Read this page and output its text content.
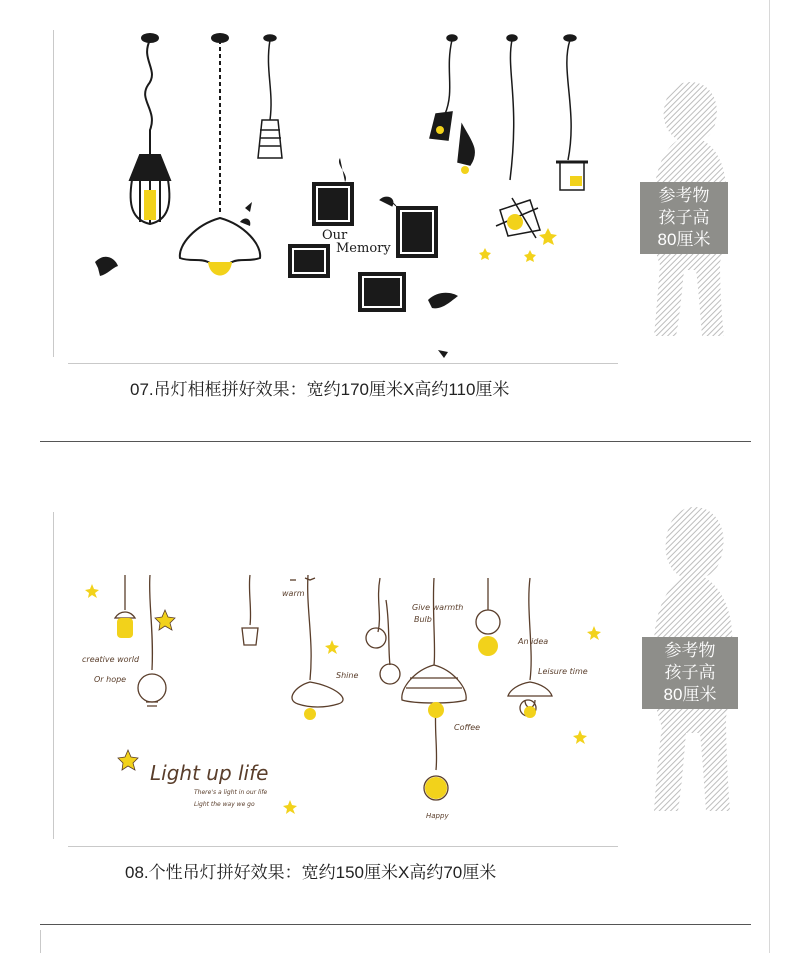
Our
Memory
07.吊灯相框拼好效果：宽约170厘米X高约110厘米
参考物
孩子高
80厘米
Light up life
creative world
Or hope
warm
Shine
Give warmth
Bulb
An idea
Leisure time
Coffee
Happy
There's a light in our life
Light the way we go
08.个性吊灯拼好效果：宽约150厘米X高约70厘米
参考物
孩子高
80厘米
